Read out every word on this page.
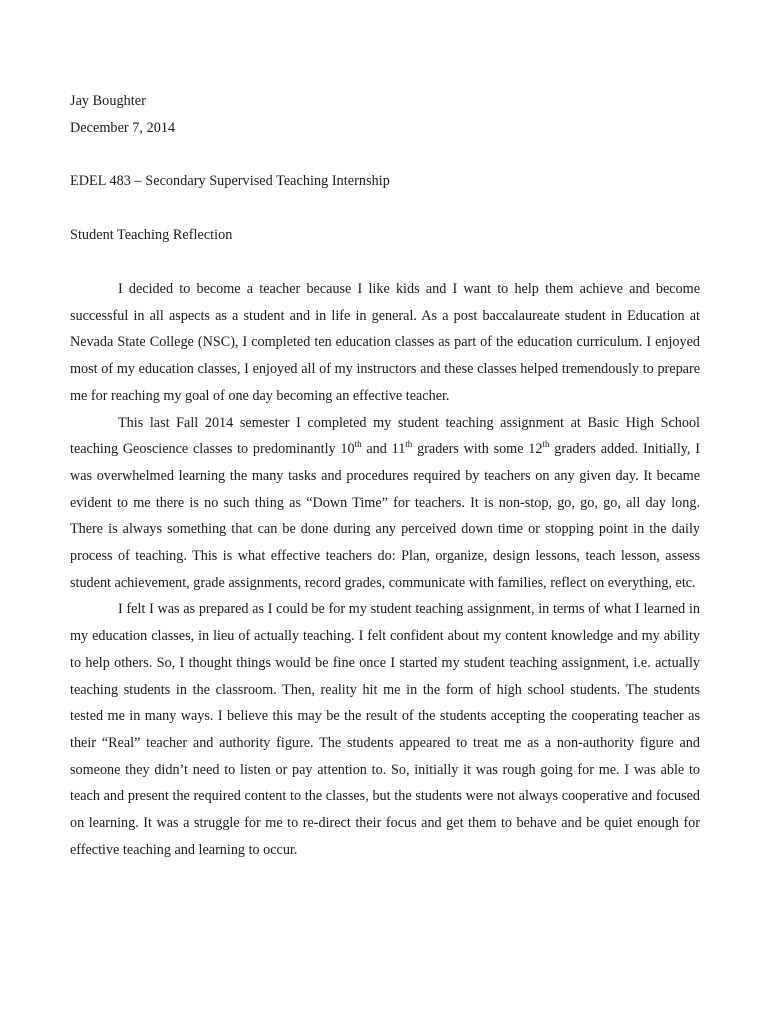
Jay Boughter
December 7, 2014
EDEL 483 – Secondary Supervised Teaching Internship
Student Teaching Reflection

I decided to become a teacher because I like kids and I want to help them achieve and become successful in all aspects as a student and in life in general. As a post baccalaureate student in Education at Nevada State College (NSC), I completed ten education classes as part of the education curriculum. I enjoyed most of my education classes, I enjoyed all of my instructors and these classes helped tremendously to prepare me for reaching my goal of one day becoming an effective teacher.

This last Fall 2014 semester I completed my student teaching assignment at Basic High School teaching Geoscience classes to predominantly 10th and 11th graders with some 12th graders added. Initially, I was overwhelmed learning the many tasks and procedures required by teachers on any given day. It became evident to me there is no such thing as “Down Time” for teachers. It is non-stop, go, go, go, all day long. There is always something that can be done during any perceived down time or stopping point in the daily process of teaching. This is what effective teachers do: Plan, organize, design lessons, teach lesson, assess student achievement, grade assignments, record grades, communicate with families, reflect on everything, etc.

I felt I was as prepared as I could be for my student teaching assignment, in terms of what I learned in my education classes, in lieu of actually teaching. I felt confident about my content knowledge and my ability to help others. So, I thought things would be fine once I started my student teaching assignment, i.e. actually teaching students in the classroom. Then, reality hit me in the form of high school students. The students tested me in many ways. I believe this may be the result of the students accepting the cooperating teacher as their “Real” teacher and authority figure. The students appeared to treat me as a non-authority figure and someone they didn’t need to listen or pay attention to. So, initially it was rough going for me. I was able to teach and present the required content to the classes, but the students were not always cooperative and focused on learning. It was a struggle for me to re-direct their focus and get them to behave and be quiet enough for effective teaching and learning to occur.
